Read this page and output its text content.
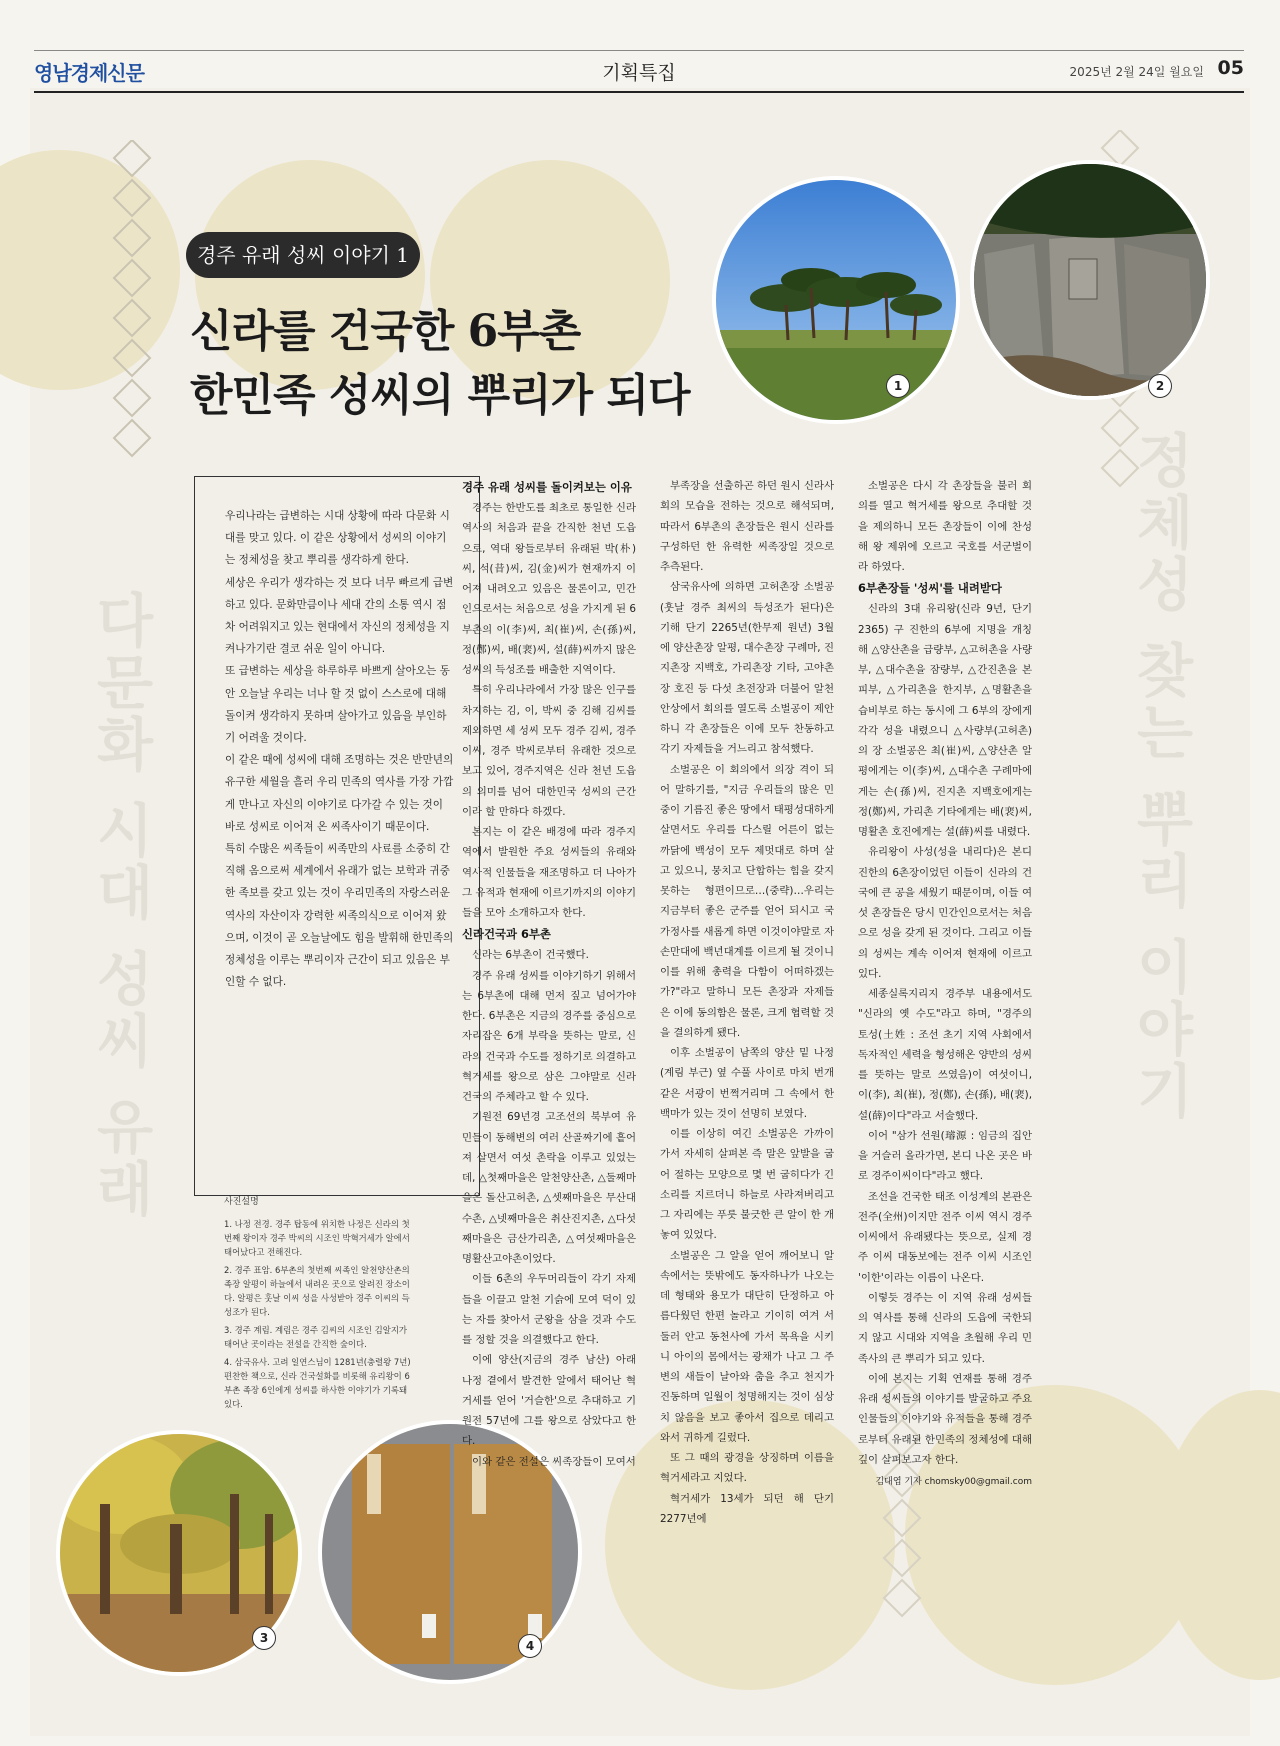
다문화 시대 성씨 유래	정체성 찾는 뿌리 이야기
영남경제신문	기획특집	2025년 2월 24일 월요일 05
경주 유래 성씨 이야기 1
신라를 건국한 6부촌
한민족 성씨의 뿌리가 되다	1	2
3
4

우리나라는 급변하는 시대 상황에 따라 다문화 시대를 맞고 있다. 이 같은 상황에서 성씨의 이야기는 정체성을 찾고 뿌리를 생각하게 한다.

세상은 우리가 생각하는 것 보다 너무 빠르게 급변하고 있다. 문화만큼이나 세대 간의 소통 역시 점차 어려워지고 있는 현대에서 자신의 정체성을 지켜나가기란 결코 쉬운 일이 아니다.

또 급변하는 세상을 하루하루 바쁘게 살아오는 동안 오늘날 우리는 너나 할 것 없이 스스로에 대해 돌이켜 생각하지 못하며 살아가고 있음을 부인하기 어려울 것이다.

이 같은 때에 성씨에 대해 조명하는 것은 반만년의 유구한 세월을 흘러 우리 민족의 역사를 가장 가깝게 만나고 자신의 이야기로 다가갈 수 있는 것이 바로 성씨로 이어져 온 씨족사이기 때문이다.

특히 수많은 씨족들이 씨족만의 사료를 소중히 간직해 옴으로써 세계에서 유래가 없는 보학과 귀중한 족보를 갖고 있는 것이 우리민족의 자랑스러운 역사의 자산이자 강력한 씨족의식으로 이어져 왔으며, 이것이 곧 오늘날에도 힘을 발휘해 한민족의 정체성을 이루는 뿌리이자 근간이 되고 있음은 부인할 수 없다.

사진설명

1. 나정 전경. 경주 탑동에 위치한 나정은 신라의 첫번째 왕이자 경주 박씨의 시조인 박혁거세가 알에서 태어났다고 전해진다.

2. 경주 표암. 6부촌의 첫번째 씨족인 알천양산촌의 족장 알평이 하늘에서 내려온 곳으로 알려진 장소이다. 알평은 훗날 이씨 성을 사성받아 경주 이씨의 득성조가 된다.

3. 경주 계림. 계림은 경주 김씨의 시조인 김알지가 태어난 곳이라는 전설을 간직한 숲이다.

4. 삼국유사. 고려 일연스님이 1281년(충렬왕 7년) 편찬한 책으로, 신라 건국설화를 비롯해 유리왕이 6부촌 족장 6인에게 성씨를 하사한 이야기가 기록돼있다.

경주 유래 성씨를 돌이켜보는 이유

경주는 한반도를 최초로 통일한 신라 역사의 처음과 끝을 간직한 천년 도읍으로, 역대 왕들로부터 유래된 박(朴)씨, 석(昔)씨, 김(金)씨가 현재까지 이어져 내려오고 있음은 물론이고, 민간인으로서는 처음으로 성을 가지게 된 6부촌의 이(李)씨, 최(崔)씨, 손(孫)씨, 정(鄭)씨, 배(裵)씨, 설(薛)씨까지 많은 성씨의 득성조를 배출한 지역이다.

특히 우리나라에서 가장 많은 인구를 차지하는 김, 이, 박씨 중 김해 김씨를 제외하면 세 성씨 모두 경주 김씨, 경주 이씨, 경주 박씨로부터 유래한 것으로 보고 있어, 경주지역은 신라 천년 도읍의 의미를 넘어 대한민국 성씨의 근간이라 할 만하다 하겠다.

본지는 이 같은 배경에 따라 경주지역에서 발원한 주요 성씨들의 유래와 역사적 인물들을 재조명하고 더 나아가 그 유적과 현재에 이르기까지의 이야기들을 모아 소개하고자 한다.

신라건국과 6부촌

신라는 6부촌이 건국했다.

경주 유래 성씨를 이야기하기 위해서는 6부촌에 대해 먼저 짚고 넘어가야 한다. 6부촌은 지금의 경주를 중심으로 자리잡은 6개 부락을 뜻하는 말로, 신라의 건국과 수도를 정하기로 의결하고 혁거세를 왕으로 삼은 그야말로 신라 건국의 주체라고 할 수 있다.

기원전 69년경 고조선의 북부여 유민들이 동해변의 여러 산골짜기에 흩어져 살면서 여섯 촌락을 이루고 있었는데, △첫째마을은 알천양산촌, △둘째마을은 돌산고허촌, △셋째마을은 무산대수촌, △넷째마을은 취산진지촌, △다섯째마을은 금산가리촌, △여섯째마을은 명활산고야촌이었다.

이들 6촌의 우두머리들이 각기 자제들을 이끌고 알천 기슭에 모여 덕이 있는 자를 찾아서 군왕을 삼을 것과 수도를 정할 것을 의결했다고 한다.

이에 양산(지금의 경주 남산) 아래 나정 곁에서 발견한 알에서 태어난 혁거세를 얻어 '거슬한'으로 추대하고 기원전 57년에 그를 왕으로 삼았다고 한다.

이와 같은 전설은 씨족장들이 모여서

부족장을 선출하곤 하던 원시 신라사회의 모습을 전하는 것으로 해석되며, 따라서 6부촌의 촌장들은 원시 신라를 구성하던 한 유력한 씨족장일 것으로 추측된다.

삼국유사에 의하면 고허촌장 소벌공(훗날 경주 최씨의 득성조가 된다)은 기해 단기 2265년(한무제 원년) 3월에 양산촌장 알평, 대수촌장 구례마, 진지촌장 지백호, 가리촌장 기타, 고야촌장 호진 등 다섯 초전장과 더불어 알천안상에서 회의를 열도록 소벌공이 제안하니 각 촌장들은 이에 모두 찬동하고 각기 자제들을 거느리고 참석했다.

소벌공은 이 회의에서 의장 격이 되어 말하기를, "지금 우리들의 많은 민중이 기름진 좋은 땅에서 태평성대하게 살면서도 우리를 다스릴 어른이 없는 까닭에 백성이 모두 제멋대로 하며 살고 있으니, 뭉치고 단합하는 힘을 갖지 못하는 형편이므로…(중략)…우리는 지금부터 좋은 군주를 얻어 되시고 국가정사를 새롭게 하면 이것이야말로 자손만대에 백년대계를 이르게 될 것이니 이를 위해 총력을 다함이 어떠하겠는가?"라고 말하니 모든 촌장과 자제들은 이에 동의함은 물론, 크게 협력할 것을 결의하게 됐다.

이후 소벌공이 남쪽의 양산 밑 나정(계림 부근) 옆 수풀 사이로 마치 번개 같은 서광이 번쩍거리며 그 속에서 한 백마가 있는 것이 선명히 보였다.

이를 이상히 여긴 소벌공은 가까이 가서 자세히 살펴본 즉 말은 앞발을 굽어 절하는 모양으로 몇 번 굽히다가 긴 소리를 지르더니 하늘로 사라져버리고 그 자리에는 푸릇 불긋한 큰 알이 한 개 놓여 있었다.

소벌공은 그 알을 얻어 깨어보니 알 속에서는 뜻밖에도 동자하나가 나오는데 형태와 용모가 대단히 단정하고 아름다웠던 한편 놀라고 기이히 여겨 서둘러 안고 동천사에 가서 목욕을 시키니 아이의 몸에서는 광채가 나고 그 주변의 새들이 날아와 춤을 추고 천지가 진동하며 일월이 청명해지는 것이 심상치 않음을 보고 좋아서 집으로 데리고 와서 귀하게 길렀다.

또 그 때의 광경을 상징하며 이름을 혁거세라고 지었다.

혁거세가 13세가 되던 해 단기 2277년에

소벌공은 다시 각 촌장들을 불러 회의를 열고 혁거세를 왕으로 추대할 것을 제의하니 모든 촌장들이 이에 찬성해 왕 제위에 오르고 국호를 서군벌이라 하였다.

6부촌장들 '성씨'를 내려받다

신라의 3대 유리왕(신라 9년, 단기 2365) 구 진한의 6부에 지명을 개칭해 △양산촌을 급량부, △고허촌을 사량부, △대수촌을 잠량부, △간진촌을 본피부, △가리촌을 한지부, △명활촌을 습비부로 하는 동시에 그 6부의 장에게 각각 성을 내렸으니 △사량부(고허촌)의 장 소벌공은 최(崔)씨, △양산촌 알평에게는 이(李)씨, △대수촌 구례마에게는 손(孫)씨, 진지촌 지백호에게는 정(鄭)씨, 가리촌 기타에게는 배(裵)씨, 명활촌 호진에게는 설(薛)씨를 내렸다.

유리왕이 사성(성을 내리다)은 본디 진한의 6촌장이었던 이들이 신라의 건국에 큰 공을 세웠기 때문이며, 이들 여섯 촌장들은 당시 민간인으로서는 처음으로 성을 갖게 된 것이다. 그리고 이들의 성씨는 계속 이어져 현재에 이르고 있다.

세종실록지리지 경주부 내용에서도 "신라의 옛 수도"라고 하며, "경주의 토성(土姓 : 조선 초기 지역 사회에서 독자적인 세력을 형성해온 양반의 성씨를 뜻하는 말로 쓰였음)이 여섯이니, 이(李), 최(崔), 정(鄭), 손(孫), 배(裵), 설(薛)이다"라고 서술했다.

이어 "삼가 선원(璿源 : 임금의 집안을 거슬러 올라가면, 본디 나온 곳은 바로 경주이씨이다"라고 했다.

조선을 건국한 태조 이성계의 본관은 전주(全州)이지만 전주 이씨 역시 경주 이씨에서 유래됐다는 뜻으로, 실제 경주 이씨 대동보에는 전주 이씨 시조인 '이한'이라는 이름이 나온다.

이렇듯 경주는 이 지역 유래 성씨들의 역사를 통해 신라의 도읍에 국한되지 않고 시대와 지역을 초월해 우리 민족사의 큰 뿌리가 되고 있다.

이에 본지는 기획 연재를 통해 경주 유래 성씨들의 이야기를 발굴하고 주요 인물들의 이야기와 유적들을 통해 경주로부터 유래된 한민족의 정체성에 대해 깊이 살펴보고자 한다.

김대엽 기자 chomsky00@gmail.com
